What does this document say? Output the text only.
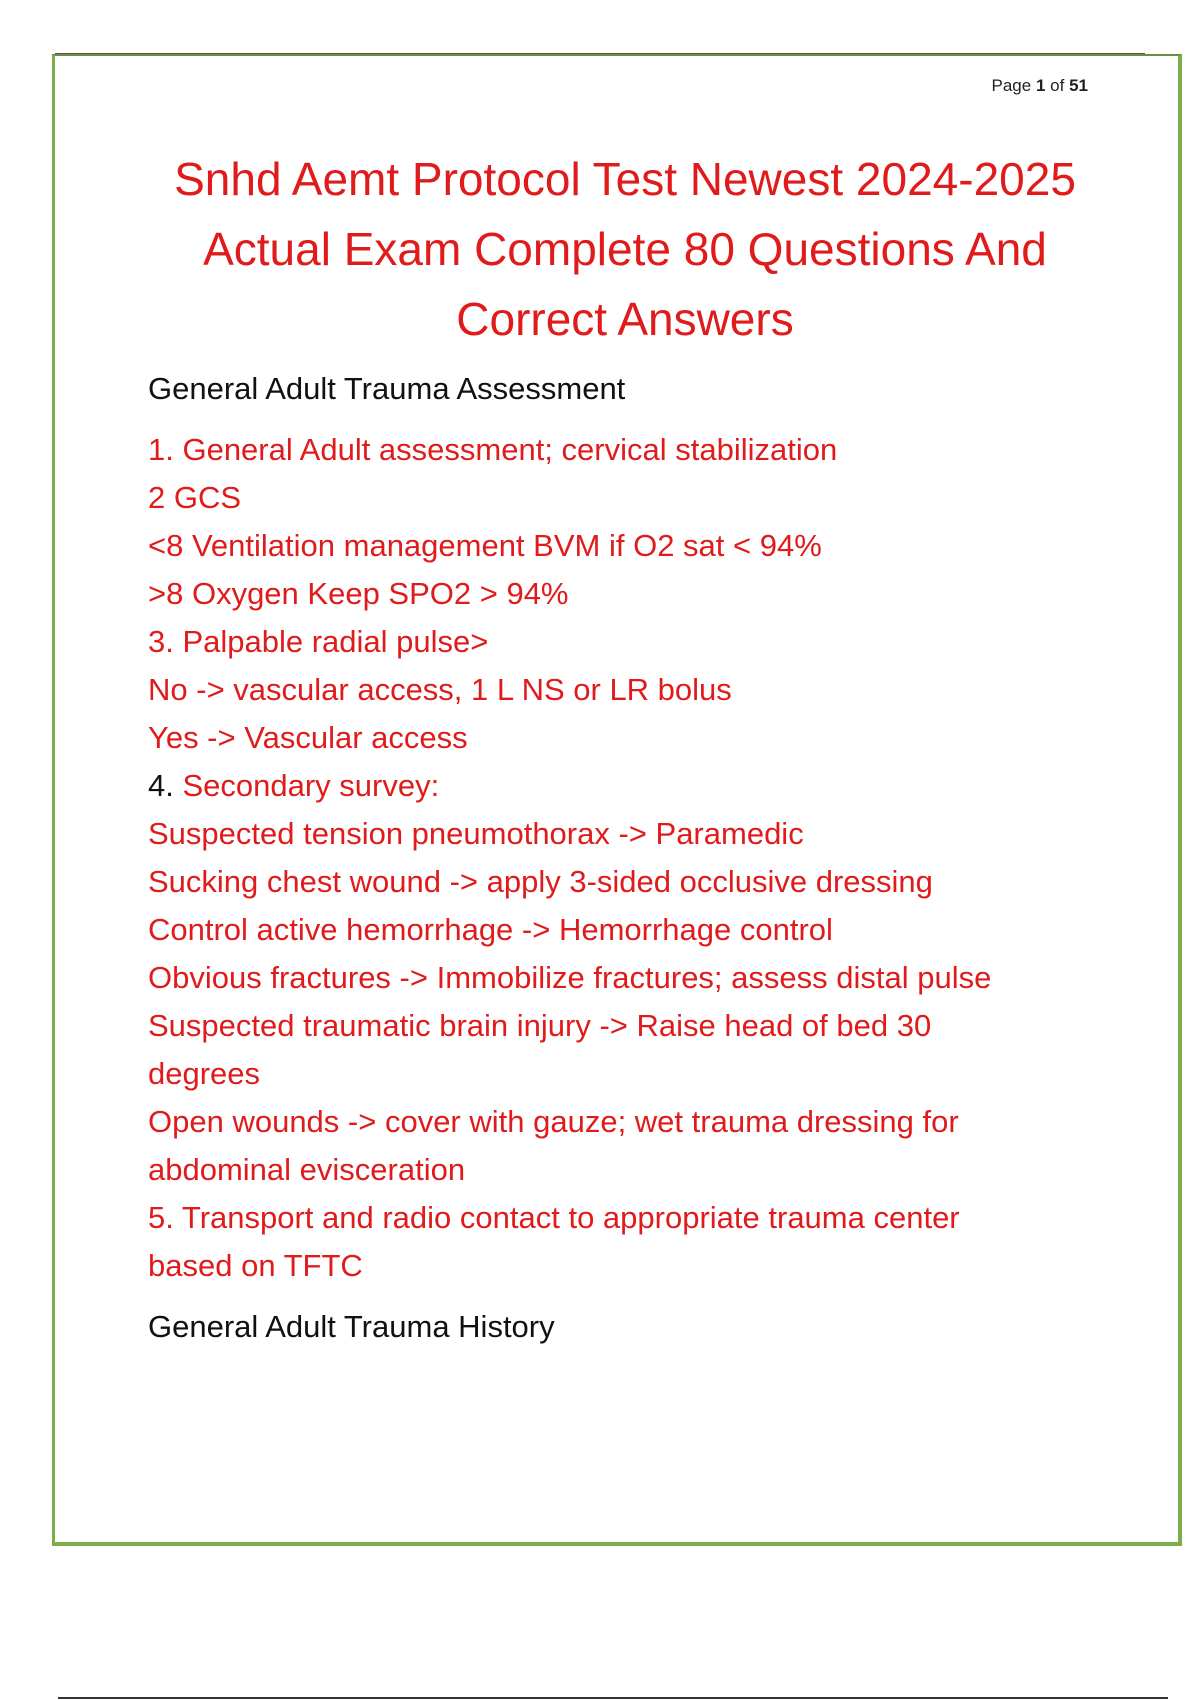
Page 1 of 51
Snhd Aemt Protocol Test Newest 2024-2025
Actual Exam Complete 80 Questions And
Correct Answers

General Adult Trauma Assessment

1. General Adult assessment; cervical stabilization
2 GCS
<8 Ventilation management BVM if O2 sat < 94%
>8 Oxygen Keep SPO2 > 94%
3. Palpable radial pulse>
No -> vascular access, 1 L NS or LR bolus
Yes -> Vascular access
4. Secondary survey:
Suspected tension pneumothorax -> Paramedic
Sucking chest wound -> apply 3-sided occlusive dressing
Control active hemorrhage -> Hemorrhage control
Obvious fractures -> Immobilize fractures; assess distal pulse
Suspected traumatic brain injury -> Raise head of bed 30
degrees
Open wounds -> cover with gauze; wet trauma dressing for
abdominal evisceration
5. Transport and radio contact to appropriate trauma center
based on TFTC

General Adult Trauma History
